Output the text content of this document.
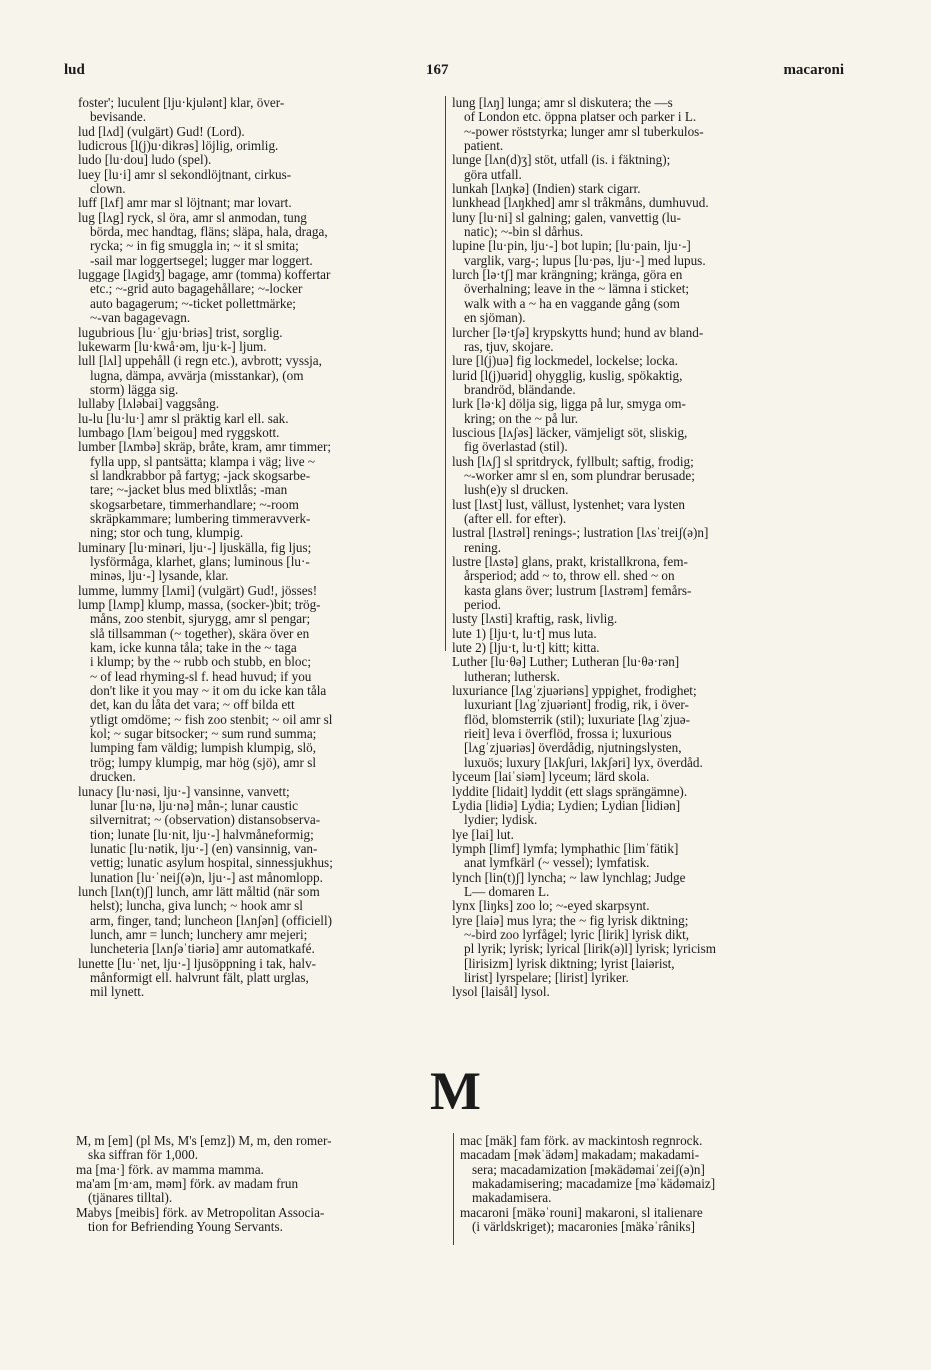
lud	167	macaroni
foster'; luculent [lju·kjulənt] klar, över-
bevisande.
lud [lʌd] (vulgärt) Gud! (Lord).
ludicrous [l(j)u·dikrəs] löjlig, orimlig.
ludo [lu·dou] ludo (spel).
luey [lu·i] amr sl sekondlöjtnant, cirkus-
clown.
luff [lʌf] amr mar sl löjtnant; mar lovart.
lug [lʌg] ryck, sl öra, amr sl anmodan, tung
börda, mec handtag, fläns; släpa, hala, draga,
rycka; ~ in fig smuggla in; ~ it sl smita;
-sail mar loggertsegel; lugger mar loggert.
luggage [lʌgidʒ] bagage, amr (tomma) koffertar
etc.; ~-grid auto bagagehållare; ~-locker
auto bagagerum; ~-ticket pollettmärke;
~-van bagagevagn.
lugubrious [lu·ˈgju·briəs] trist, sorglig.
lukewarm [lu·kwå·əm, lju·k-] ljum.
lull [lʌl] uppehåll (i regn etc.), avbrott; vyssja,
lugna, dämpa, avvärja (misstankar), (om
storm) lägga sig.
lullaby [lʌləbai] vaggsång.
lu-lu [lu·lu·] amr sl präktig karl ell. sak.
lumbago [lʌmˈbeigou] med ryggskott.
lumber [lʌmbə] skräp, bråte, kram, amr timmer;
fylla upp, sl pantsätta; klampa i väg; live ~
sl landkrabbor på fartyg; -jack skogsarbe-
tare; ~-jacket blus med blixtlås; -man
skogsarbetare, timmerhandlare; ~-room
skräpkammare; lumbering timmeravverk-
ning; stor och tung, klumpig.
luminary [lu·minəri, lju·-] ljuskälla, fig ljus;
lysförmåga, klarhet, glans; luminous [lu·-
minəs, lju·-] lysande, klar.
lumme, lummy [lʌmi] (vulgärt) Gud!, jösses!
lump [lʌmp] klump, massa, (socker-)bit; trög-
måns, zoo stenbit, sjurygg, amr sl pengar;
slå tillsamman (~ together), skära över en
kam, icke kunna tåla; take in the ~ taga
i klump; by the ~ rubb och stubb, en bloc;
~ of lead rhyming-sl f. head huvud; if you
don't like it you may ~ it om du icke kan tåla
det, kan du låta det vara; ~ off bilda ett
ytligt omdöme; ~ fish zoo stenbit; ~ oil amr sl
kol; ~ sugar bitsocker; ~ sum rund summa;
lumping fam väldig; lumpish klumpig, slö,
trög; lumpy klumpig, mar hög (sjö), amr sl
drucken.
lunacy [lu·nəsi, lju·-] vansinne, vanvett;
lunar [lu·nə, lju·nə] mån-; lunar caustic
silvernitrat; ~ (observation) distansobserva-
tion; lunate [lu·nit, lju·-] halvmåneformig;
lunatic [lu·nətik, lju·-] (en) vansinnig, van-
vettig; lunatic asylum hospital, sinnessjukhus;
lunation [lu·ˈneiʃ(ə)n, lju·-] ast månomlopp.
lunch [lʌn(t)ʃ] lunch, amr lätt måltid (när som
helst); luncha, giva lunch; ~ hook amr sl
arm, finger, tand; luncheon [lʌnʃən] (officiell)
lunch, amr = lunch; lunchery amr mejeri;
luncheteria [lʌnʃəˈtiəriə] amr automatkafé.
lunette [lu·ˈnet, lju·-] ljusöppning i tak, halv-
månformigt ell. halvrunt fält, platt urglas,
mil lynett.
lung [lʌŋ] lunga; amr sl diskutera; the —s
of London etc. öppna platser och parker i L.
~-power röststyrka; lunger amr sl tuberkulos-
patient.
lunge [lʌn(d)ʒ] stöt, utfall (is. i fäktning);
göra utfall.
lunkah [lʌŋkə] (Indien) stark cigarr.
lunkhead [lʌŋkhed] amr sl tråkmåns, dumhuvud.
luny [lu·ni] sl galning; galen, vanvettig (lu-
natic); ~-bin sl dårhus.
lupine [lu·pin, lju·-] bot lupin; [lu·pain, lju·-]
varglik, varg-; lupus [lu·pəs, lju·-] med lupus.
lurch [lə·tʃ] mar krängning; kränga, göra en
överhalning; leave in the ~ lämna i sticket;
walk with a ~ ha en vaggande gång (som
en sjöman).
lurcher [lə·tʃə] krypskytts hund; hund av bland-
ras, tjuv, skojare.
lure [l(j)uə] fig lockmedel, lockelse; locka.
lurid [l(j)uərid] ohygglig, kuslig, spökaktig,
brandröd, bländande.
lurk [lə·k] dölja sig, ligga på lur, smyga om-
kring; on the ~ på lur.
luscious [lʌʃəs] läcker, vämjeligt söt, sliskig,
fig överlastad (stil).
lush [lʌʃ] sl spritdryck, fyllbult; saftig, frodig;
~-worker amr sl en, som plundrar berusade;
lush(e)y sl drucken.
lust [lʌst] lust, vällust, lystenhet; vara lysten
(after ell. for efter).
lustral [lʌstrəl] renings-; lustration [lʌsˈtreiʃ(ə)n]
rening.
lustre [lʌstə] glans, prakt, kristallkrona, fem-
årsperiod; add ~ to, throw ell. shed ~ on
kasta glans över; lustrum [lʌstrəm] femårs-
period.
lusty [lʌsti] kraftig, rask, livlig.
lute 1) [lju·t, lu·t] mus luta.
lute 2) [lju·t, lu·t] kitt; kitta.
Luther [lu·θə] Luther; Lutheran [lu·θə·rən]
lutheran; luthersk.
luxuriance [lʌgˈzjuəriəns] yppighet, frodighet;
luxuriant [lʌgˈzjuəriənt] frodig, rik, i över-
flöd, blomsterrik (stil); luxuriate [lʌgˈzjuə-
rieit] leva i överflöd, frossa i; luxurious
[lʌgˈzjuəriəs] överdådig, njutningslysten,
luxuös; luxury [lʌkʃuri, lʌkʃəri] lyx, överdåd.
lyceum [laiˈsiəm] lyceum; lärd skola.
lyddite [lidait] lyddit (ett slags sprängämne).
Lydia [lidiə] Lydia; Lydien; Lydian [lidiən]
lydier; lydisk.
lye [lai] lut.
lymph [limf] lymfa; lymphathic [limˈfätik]
anat lymfkärl (~ vessel); lymfatisk.
lynch [lin(t)ʃ] lyncha; ~ law lynchlag; Judge
L— domaren L.
lynx [liŋks] zoo lo; ~-eyed skarpsynt.
lyre [laiə] mus lyra; the ~ fig lyrisk diktning;
~-bird zoo lyrfågel; lyric [lirik] lyrisk dikt,
pl lyrik; lyrisk; lyrical [lirik(ə)l] lyrisk; lyricism
[lirisizm] lyrisk diktning; lyrist [laiərist,
lirist] lyrspelare; [lirist] lyriker.
lysol [laisål] lysol.
M
M, m [em] (pl Ms, M's [emz]) M, m, den romer-
ska siffran för 1,000.
ma [ma·] förk. av mamma mamma.
ma'am [m·am, məm] förk. av madam frun
(tjänares tilltal).
Mabys [meibis] förk. av Metropolitan Associa-
tion for Befriending Young Servants.
mac [mäk] fam förk. av mackintosh regnrock.
macadam [məkˈädəm] makadam; makadami-
sera; macadamization [məkädəmaiˈzeiʃ(ə)n]
makadamisering; macadamize [məˈkädəmaiz]
makadamisera.
macaroni [mäkəˈrouni] makaroni, sl italienare
(i världskriget); macaronies [mäkəˈrâniks]
